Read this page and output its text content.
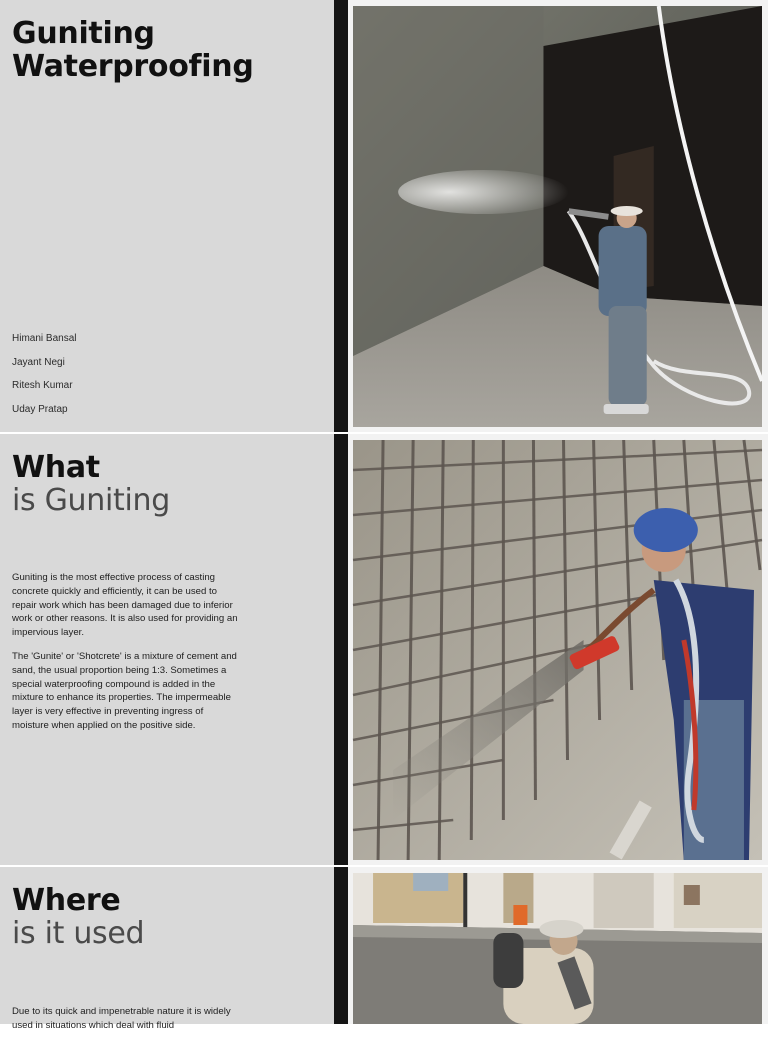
Guniting
Waterproofing
Himani Bansal
Jayant Negi
Ritesh Kumar
Uday Pratap
What
is Guniting

Guniting is the most effective process of casting concrete quickly and efficiently, it can be used to repair work which has been damaged due to inferior work or other reasons. It is also used for providing an impervious layer.

The 'Gunite' or 'Shotcrete' is a mixture of cement and sand, the usual proportion being 1:3. Sometimes a special waterproofing compound is added in the mixture to enhance its properties. The impermeable layer is very effective in preventing ingress of moisture when applied on the positive side.

Where
is it used

Due to its quick and impenetrable nature it is widely used in situations which deal with fluid
